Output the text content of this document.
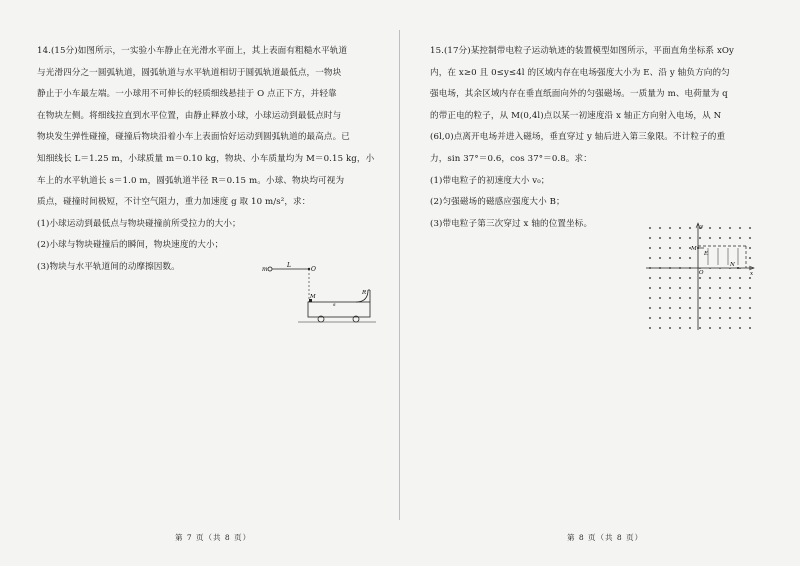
14.(15分)如图所示，一实验小车静止在光滑水平面上，其上表面有粗糙水平轨道

与光滑四分之一圆弧轨道，圆弧轨道与水平轨道相切于圆弧轨道最低点，一物块

静止于小车最左端。一小球用不可伸长的轻质细线悬挂于 O 点正下方，并轻靠

在物块左侧。将细线拉直到水平位置，由静止释放小球，小球运动到最低点时与

物块发生弹性碰撞，碰撞后物块沿着小车上表面恰好运动到圆弧轨道的最高点。已

知细线长 L＝1.25 m，小球质量 m＝0.10 kg，物块、小车质量均为 M＝0.15 kg，小

车上的水平轨道长 s＝1.0 m，圆弧轨道半径 R＝0.15 m。小球、物块均可视为

质点，碰撞时间极短，不计空气阻力，重力加速度 g 取 10 m/s²，求：

(1)小球运动到最低点与物块碰撞前所受拉力的大小；

(2)小球与物块碰撞后的瞬间，物块速度的大小；

(3)物块与水平轨道间的动摩擦因数。	m
L
O
M
R
s
第 7 页（共 8 页）

15.(17分)某控制带电粒子运动轨迹的装置模型如图所示，平面直角坐标系 xOy

内，在 x≥0 且 0≤y≤4l 的区域内存在电场强度大小为 E、沿 y 轴负方向的匀

强电场，其余区域内存在垂直纸面向外的匀强磁场。一质量为 m、电荷量为 q

的带正电的粒子，从 M(0,4l)点以某一初速度沿 x 轴正方向射入电场，从 N

(6l,0)点离开电场并进入磁场，垂直穿过 y 轴后进入第三象限。不计粒子的重

力，sin 37°＝0.6，cos 37°＝0.8。求：

(1)带电粒子的初速度大小 v₀；

(2)匀强磁场的磁感应强度大小 B；

(3)带电粒子第三次穿过 x 轴的位置坐标。	y
M
E
O
N
x
第 8 页（共 8 页）
